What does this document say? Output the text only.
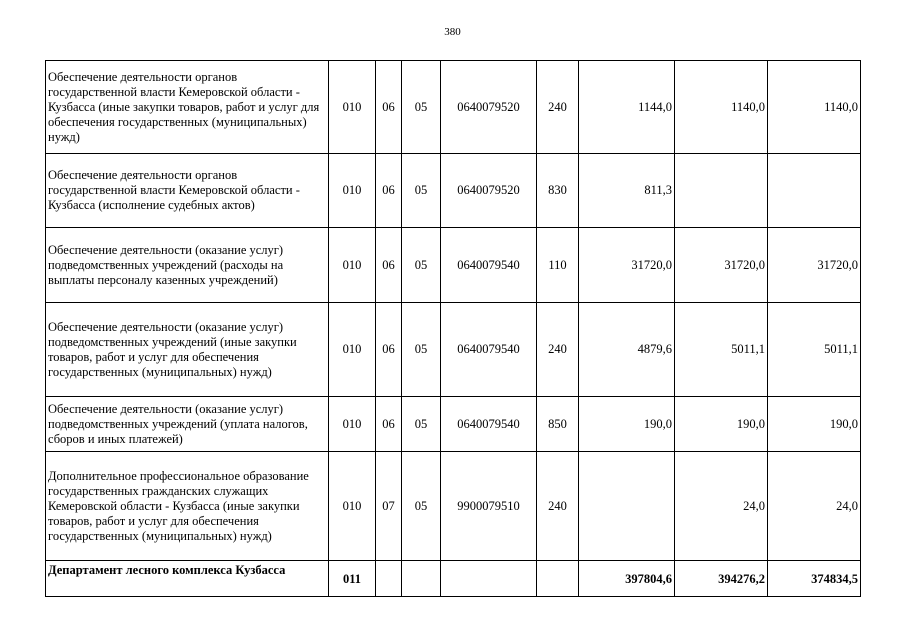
380
Обеспечение деятельности органов государственной власти Кемеровской области - Кузбасса (иные закупки товаров, работ и услуг для обеспечения государственных (муниципальных) нужд)	010	06	05	0640079520	240	1144,0	1140,0	1140,0
Обеспечение деятельности органов государственной власти Кемеровской области - Кузбасса (исполнение судебных актов)	010	06	05	0640079520	830	811,3		
Обеспечение деятельности (оказание услуг) подведомственных учреждений (расходы на выплаты персоналу казенных учреждений)	010	06	05	0640079540	110	31720,0	31720,0	31720,0
Обеспечение деятельности (оказание услуг) подведомственных учреждений (иные закупки товаров, работ и услуг для обеспечения государственных (муниципальных) нужд)	010	06	05	0640079540	240	4879,6	5011,1	5011,1
Обеспечение деятельности (оказание услуг) подведомственных учреждений (уплата налогов, сборов и иных платежей)	010	06	05	0640079540	850	190,0	190,0	190,0
Дополнительное профессиональное образование государственных гражданских служащих Кемеровской области - Кузбасса (иные закупки товаров, работ и услуг для обеспечения государственных (муниципальных) нужд)	010	07	05	9900079510	240		24,0	24,0
Департамент лесного комплекса Кузбасса	011					397804,6	394276,2	374834,5
